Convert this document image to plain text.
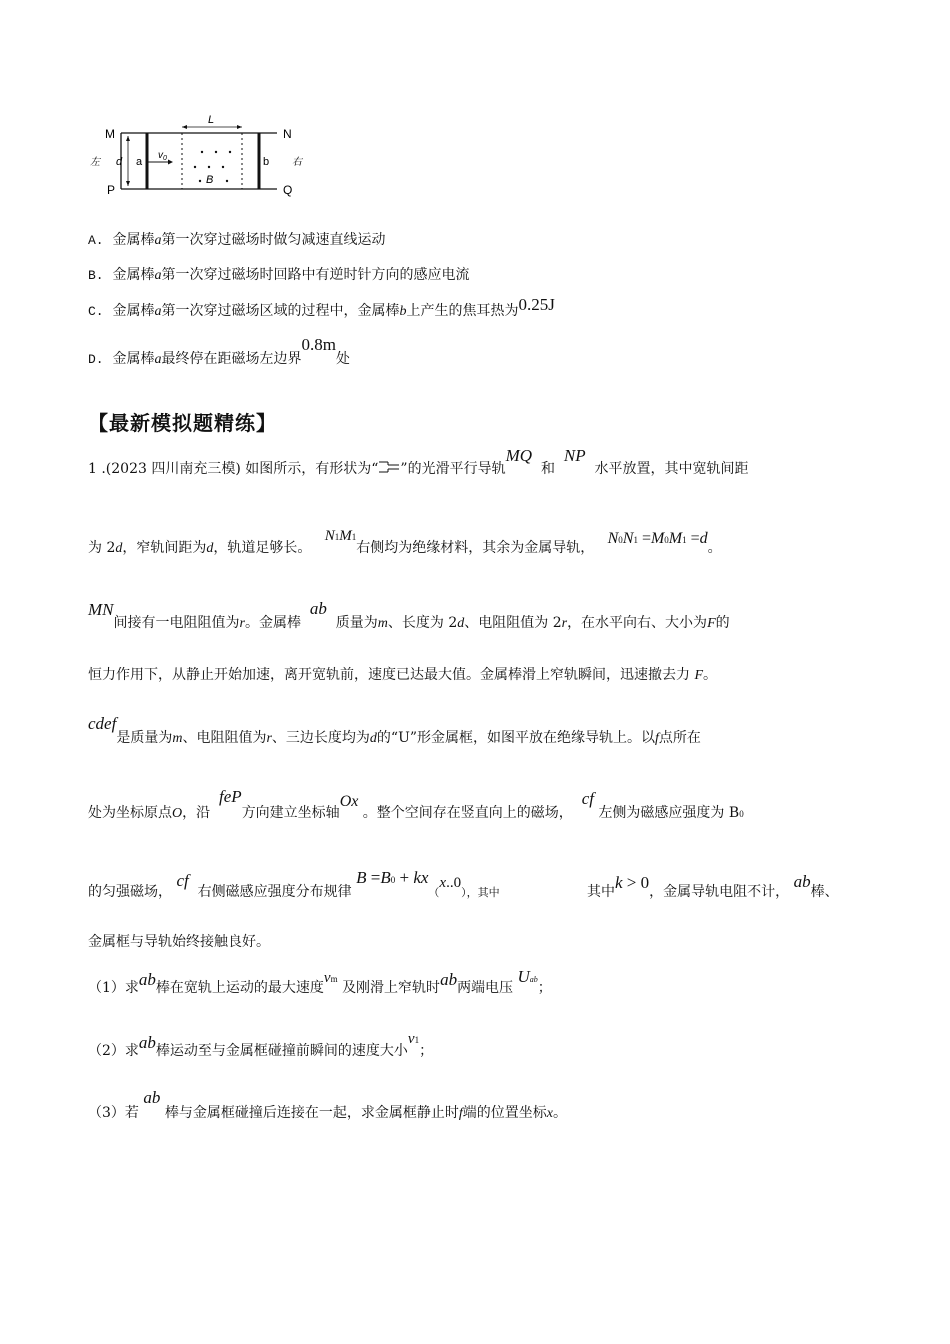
M	N
P	Q
L
d a	b
$v_0$
B
左	右
A. 金属棒a第一次穿过磁场时做匀减速直线运动
B. 金属棒a第一次穿过磁场时回路中有逆时针方向的感应电流
C. 金属棒a第一次穿过磁场区域的过程中，金属棒b上产生的焦耳热为0.25J
D. 金属棒a最终停在距磁场左边界0.8m处
【最新模拟题精练】
1 .(2023 四川南充三模) 如图所示，有形状为“ ”的光滑平行导轨MQ  和  NP  水平放置，其中宽轨间距
为 2d，窄轨间距为d，轨道足够长。   N1M1右侧均为绝缘材料，其余为金属导轨，   N0N1 =M0M1 =d。
MN间接有一电阻阻值为r。金属棒  ab  质量为m、长度为 2d、电阻阻值为 2r，在水平向右、大小为F的
恒力作用下，从静止开始加速，离开宽轨前，速度已达最大值。金属棒滑上窄轨瞬间，迅速撤去力 F。
cdef是质量为m、电阻阻值为r、三边长度均为d的“U”形金属框，如图平放在绝缘导轨上。以f点所在
处为坐标原点O，沿  feP方向建立坐标轴Ox 。整个空间存在竖直向上的磁场，  cf 左侧为磁感应强度为 B0
的匀强磁场， cf  右侧磁感应强度分布规律 B =B0 + kx（x..0），其中	其中k > 0，金属导轨电阻不计， ab棒、
金属框与导轨始终接触良好。
（1）求ab棒在宽轨上运动的最大速度vm 及刚滑上窄轨时ab两端电压 Uab；
（2）求ab棒运动至与金属框碰撞前瞬间的速度大小v1；
（3）若 ab 棒与金属框碰撞后连接在一起，求金属框静止时f端的位置坐标x。
